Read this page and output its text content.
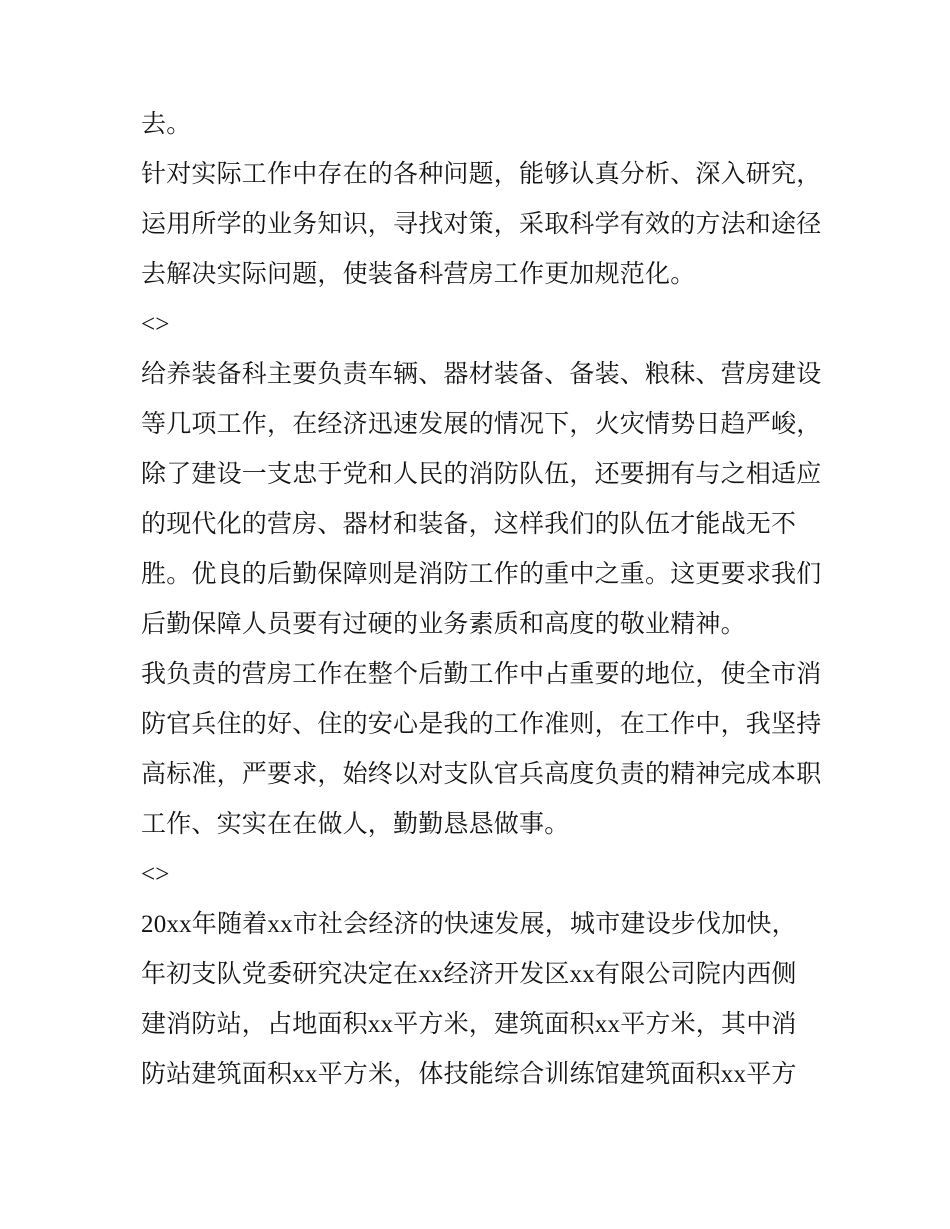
去。
针对实际工作中存在的各种问题，能够认真分析、深入研究，
运用所学的业务知识，寻找对策，采取科学有效的方法和途径
去解决实际问题，使装备科营房工作更加规范化。
<>
给养装备科主要负责车辆、器材装备、备装、粮秣、营房建设
等几项工作，在经济迅速发展的情况下，火灾情势日趋严峻，
除了建设一支忠于党和人民的消防队伍，还要拥有与之相适应
的现代化的营房、器材和装备，这样我们的队伍才能战无不
胜。优良的后勤保障则是消防工作的重中之重。这更要求我们
后勤保障人员要有过硬的业务素质和高度的敬业精神。
我负责的营房工作在整个后勤工作中占重要的地位，使全市消
防官兵住的好、住的安心是我的工作准则，在工作中，我坚持
高标准，严要求，始终以对支队官兵高度负责的精神完成本职
工作、实实在在做人，勤勤恳恳做事。
<>
20xx年随着xx市社会经济的快速发展，城市建设步伐加快，
年初支队党委研究决定在xx经济开发区xx有限公司院内西侧
建消防站，占地面积xx平方米，建筑面积xx平方米，其中消
防站建筑面积xx平方米，体技能综合训练馆建筑面积xx平方
